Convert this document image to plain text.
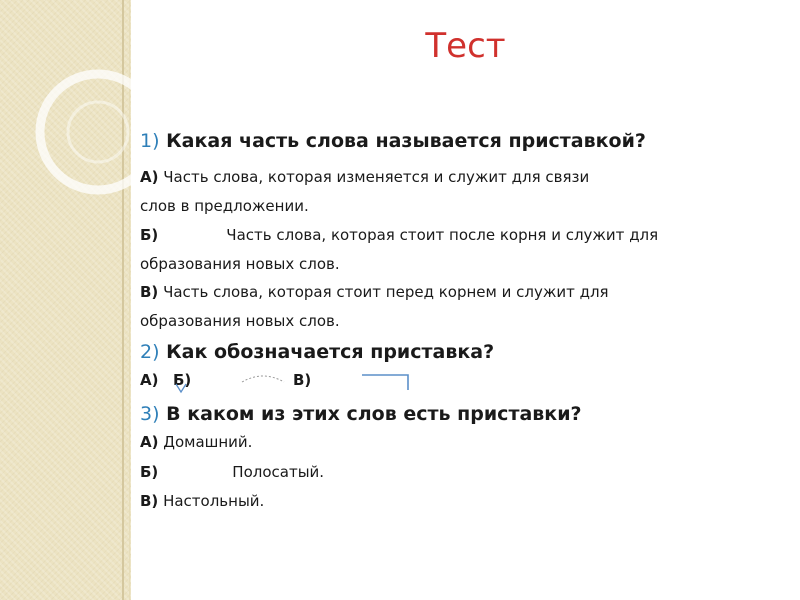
Тест
1) Какая часть слова называется приставкой?
А) Часть слова, которая изменяется и служит для связи
слов в предложении.
Б)	Часть слова, которая стоит после корня и служит для
образования новых слов.
В) Часть слова, которая стоит перед корнем и служит для
образования новых слов.
2) Как обозначается приставка?
А) Б)	В)
3) В каком из этих слов есть приставки?
А) Домашний.
Б)	Полосатый.
В) Настольный.
